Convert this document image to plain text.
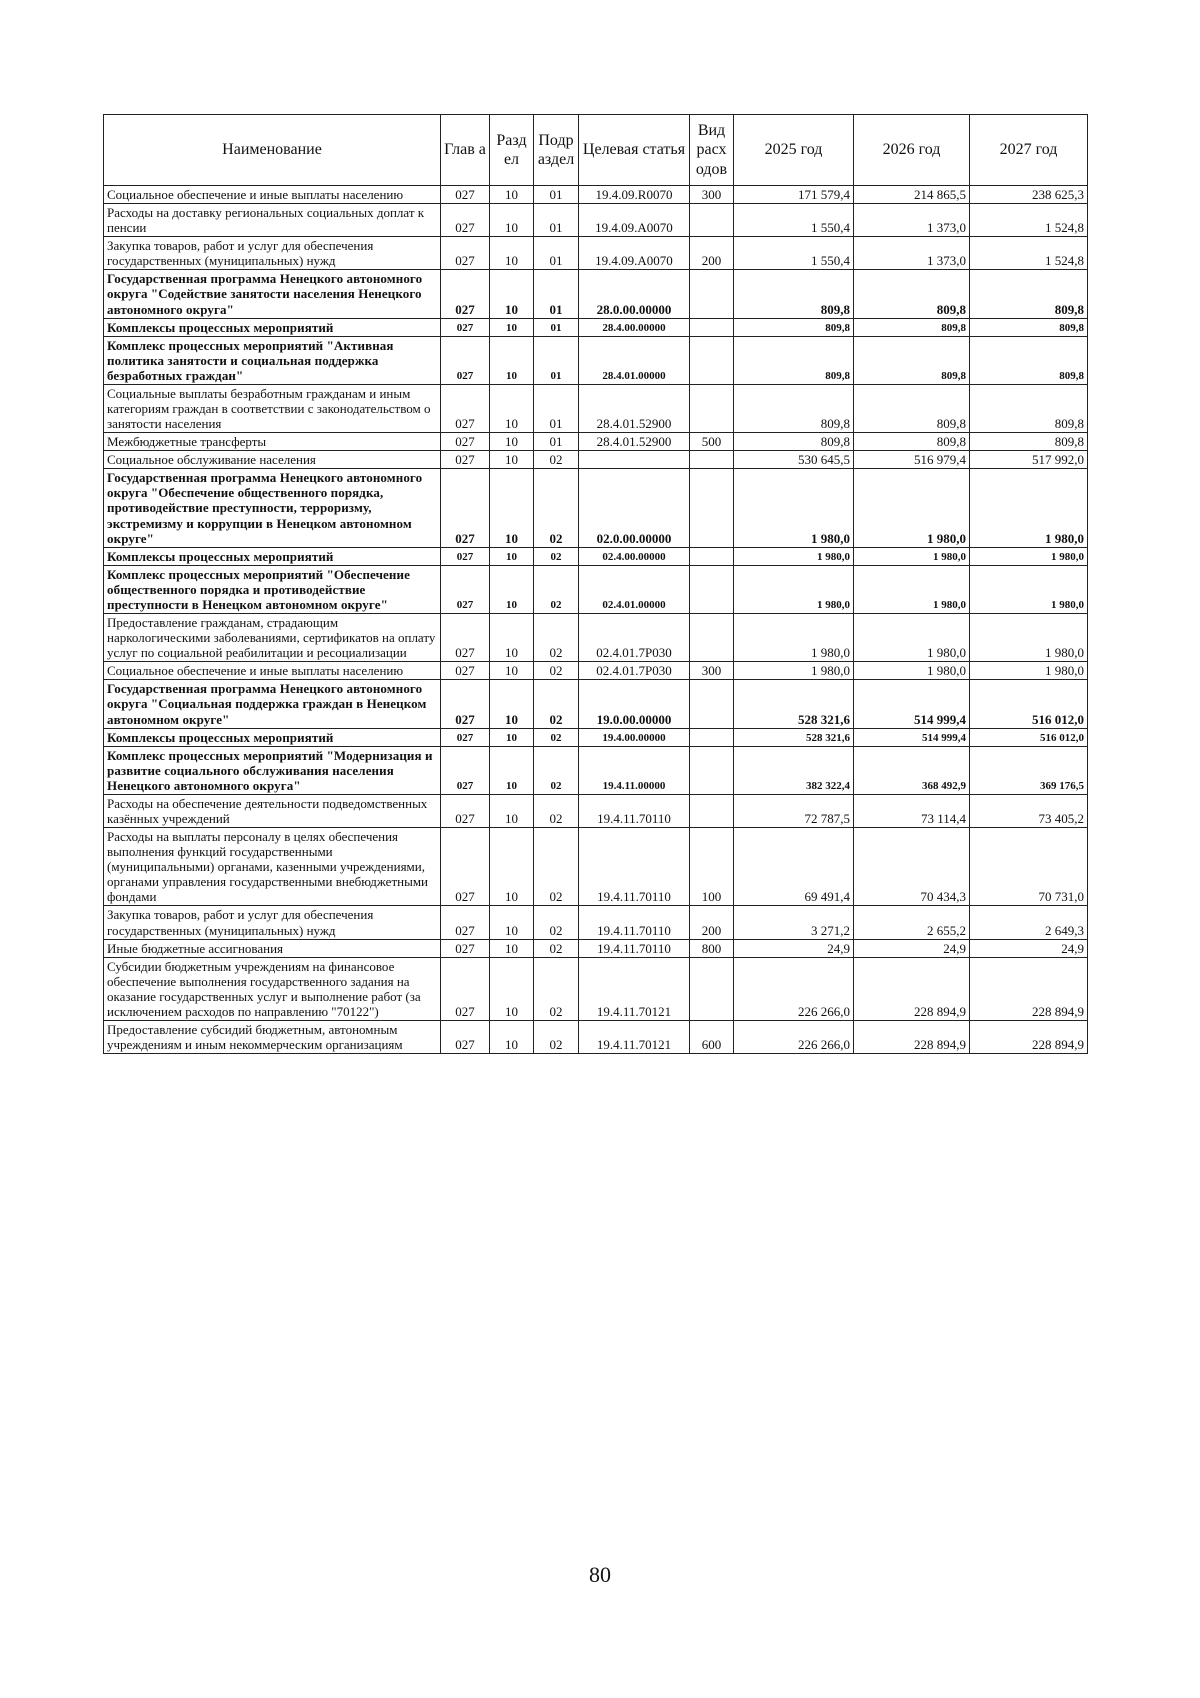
Наименование	Глав а	Разд ел	Подр аздел	Целевая статья	Вид расх одов	2025 год	2026 год	2027 год
Социальное обеспечение и иные выплаты населению	027	10	01	19.4.09.R0070	300	171 579,4	214 865,5	238 625,3
Расходы на доставку региональных социальных доплат к пенсии	027	10	01	19.4.09.А0070		1 550,4	1 373,0	1 524,8
Закупка товаров, работ и услуг для обеспечения государственных (муниципальных) нужд	027	10	01	19.4.09.А0070	200	1 550,4	1 373,0	1 524,8
Государственная программа Ненецкого автономного округа "Содействие занятости населения Ненецкого автономного округа"	027	10	01	28.0.00.00000		809,8	809,8	809,8
Комплексы процессных мероприятий	027	10	01	28.4.00.00000		809,8	809,8	809,8
Комплекс процессных мероприятий "Активная политика занятости и социальная поддержка безработных граждан"	027	10	01	28.4.01.00000		809,8	809,8	809,8
Социальные выплаты безработным гражданам и иным категориям граждан в соответствии с законодательством о занятости населения	027	10	01	28.4.01.52900		809,8	809,8	809,8
Межбюджетные трансферты	027	10	01	28.4.01.52900	500	809,8	809,8	809,8
Социальное обслуживание населения	027	10	02			530 645,5	516 979,4	517 992,0
Государственная программа Ненецкого автономного округа "Обеспечение общественного порядка, противодействие преступности, терроризму, экстремизму и коррупции в Ненецком автономном округе"	027	10	02	02.0.00.00000		1 980,0	1 980,0	1 980,0
Комплексы процессных мероприятий	027	10	02	02.4.00.00000		1 980,0	1 980,0	1 980,0
Комплекс процессных мероприятий "Обеспечение общественного порядка и противодействие преступности в Ненецком автономном округе"	027	10	02	02.4.01.00000		1 980,0	1 980,0	1 980,0
Предоставление гражданам, страдающим наркологическими заболеваниями, сертификатов на оплату услуг по социальной реабилитации и ресоциализации	027	10	02	02.4.01.7Р030		1 980,0	1 980,0	1 980,0
Социальное обеспечение и иные выплаты населению	027	10	02	02.4.01.7Р030	300	1 980,0	1 980,0	1 980,0
Государственная программа Ненецкого автономного округа "Социальная поддержка граждан в Ненецком автономном округе"	027	10	02	19.0.00.00000		528 321,6	514 999,4	516 012,0
Комплексы процессных мероприятий	027	10	02	19.4.00.00000		528 321,6	514 999,4	516 012,0
Комплекс процессных мероприятий "Модернизация и развитие социального обслуживания населения Ненецкого автономного округа"	027	10	02	19.4.11.00000		382 322,4	368 492,9	369 176,5
Расходы на обеспечение деятельности подведомственных казённых учреждений	027	10	02	19.4.11.70110		72 787,5	73 114,4	73 405,2
Расходы на выплаты персоналу в целях обеспечения выполнения функций государственными (муниципальными) органами, казенными учреждениями, органами управления государственными внебюджетными фондами	027	10	02	19.4.11.70110	100	69 491,4	70 434,3	70 731,0
Закупка товаров, работ и услуг для обеспечения государственных (муниципальных) нужд	027	10	02	19.4.11.70110	200	3 271,2	2 655,2	2 649,3
Иные бюджетные ассигнования	027	10	02	19.4.11.70110	800	24,9	24,9	24,9
Субсидии бюджетным учреждениям на финансовое обеспечение выполнения государственного задания на оказание государственных услуг и выполнение работ (за исключением расходов по направлению "70122")	027	10	02	19.4.11.70121		226 266,0	228 894,9	228 894,9
Предоставление субсидий бюджетным, автономным учреждениям и иным некоммерческим организациям	027	10	02	19.4.11.70121	600	226 266,0	228 894,9	228 894,9
80
